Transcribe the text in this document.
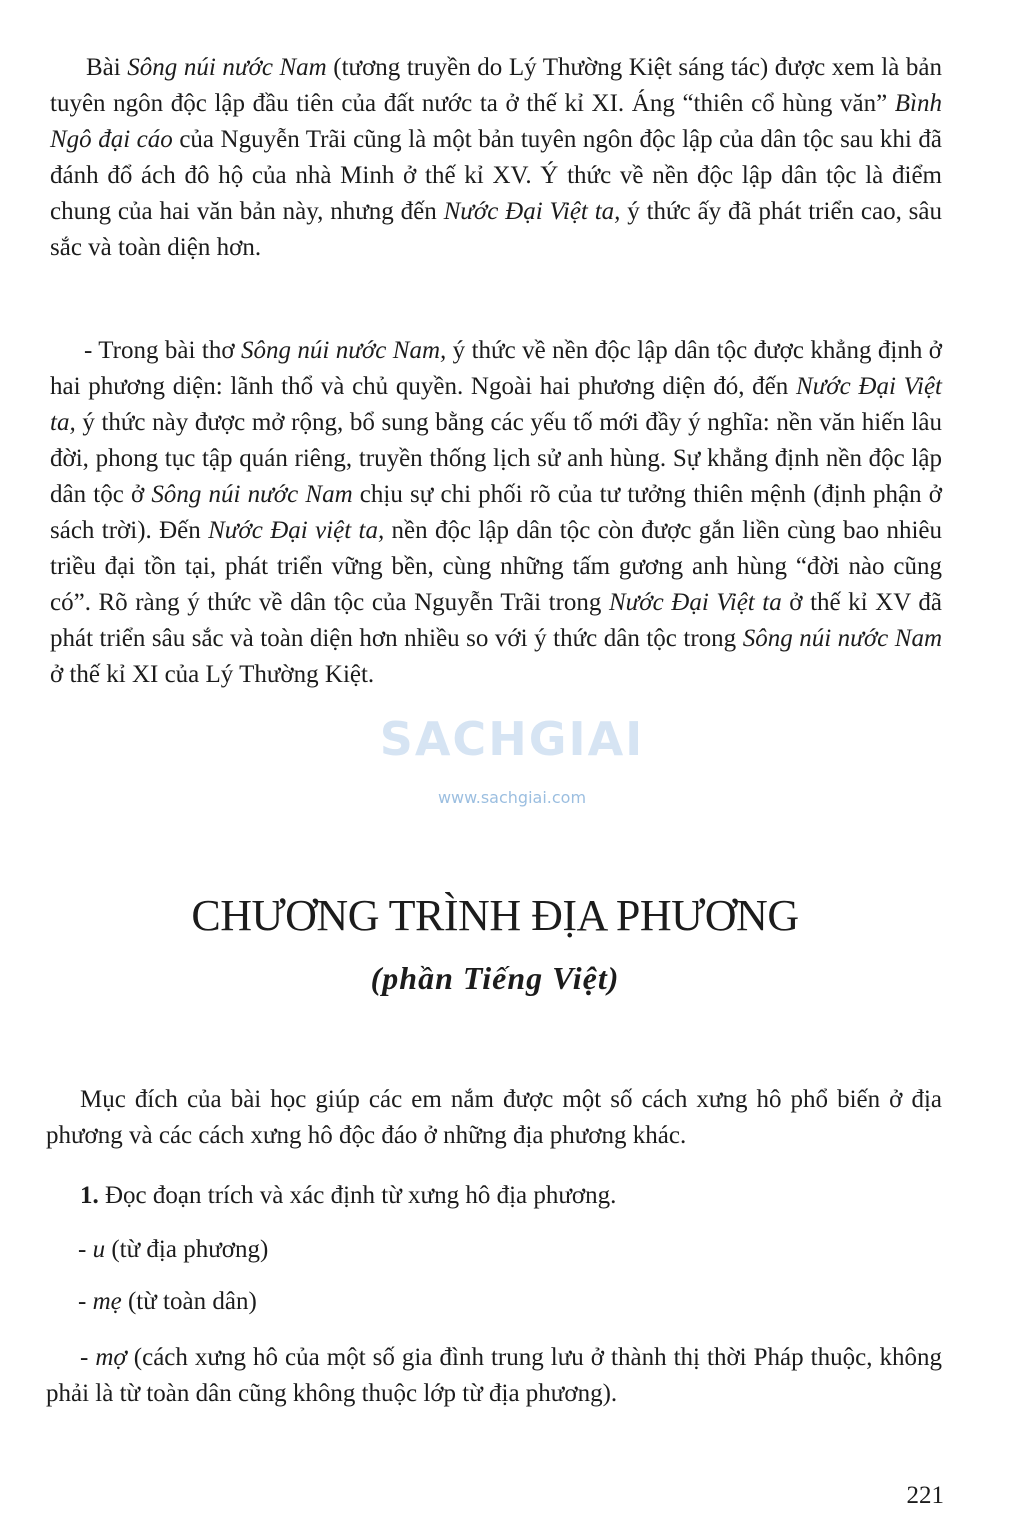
Bài Sông núi nước Nam (tương truyền do Lý Thường Kiệt sáng tác) được xem là bản tuyên ngôn độc lập đầu tiên của đất nước ta ở thế kỉ XI. Áng “thiên cổ hùng văn” Bình Ngô đại cáo của Nguyễn Trãi cũng là một bản tuyên ngôn độc lập của dân tộc sau khi đã đánh đổ ách đô hộ của nhà Minh ở thế kỉ XV. Ý thức về nền độc lập dân tộc là điểm chung của hai văn bản này, nhưng đến Nước Đại Việt ta, ý thức ấy đã phát triển cao, sâu sắc và toàn diện hơn.

- Trong bài thơ Sông núi nước Nam, ý thức về nền độc lập dân tộc được khẳng định ở hai phương diện: lãnh thổ và chủ quyền. Ngoài hai phương diện đó, đến Nước Đại Việt ta, ý thức này được mở rộng, bổ sung bằng các yếu tố mới đầy ý nghĩa: nền văn hiến lâu đời, phong tục tập quán riêng, truyền thống lịch sử anh hùng. Sự khẳng định nền độc lập dân tộc ở Sông núi nước Nam chịu sự chi phối rõ của tư tưởng thiên mệnh (định phận ở sách trời). Đến Nước Đại việt ta, nền độc lập dân tộc còn được gắn liền cùng bao nhiêu triều đại tồn tại, phát triển vững bền, cùng những tấm gương anh hùng “đời nào cũng có”. Rõ ràng ý thức về dân tộc của Nguyễn Trãi trong Nước Đại Việt ta ở thế kỉ XV đã phát triển sâu sắc và toàn diện hơn nhiều so với ý thức dân tộc trong Sông núi nước Nam ở thế kỉ XI của Lý Thường Kiệt.

SACHGIAI
www.sachgiai.com
CHƯƠNG TRÌNH ĐỊA PHƯƠNG
(phần Tiếng Việt)

Mục đích của bài học giúp các em nắm được một số cách xưng hô phổ biến ở địa phương và các cách xưng hô độc đáo ở những địa phương khác.

1. Đọc đoạn trích và xác định từ xưng hô địa phương.

- u (từ địa phương)

- mẹ (từ toàn dân)

- mợ (cách xưng hô của một số gia đình trung lưu ở thành thị thời Pháp thuộc, không phải là từ toàn dân cũng không thuộc lớp từ địa phương).

221
